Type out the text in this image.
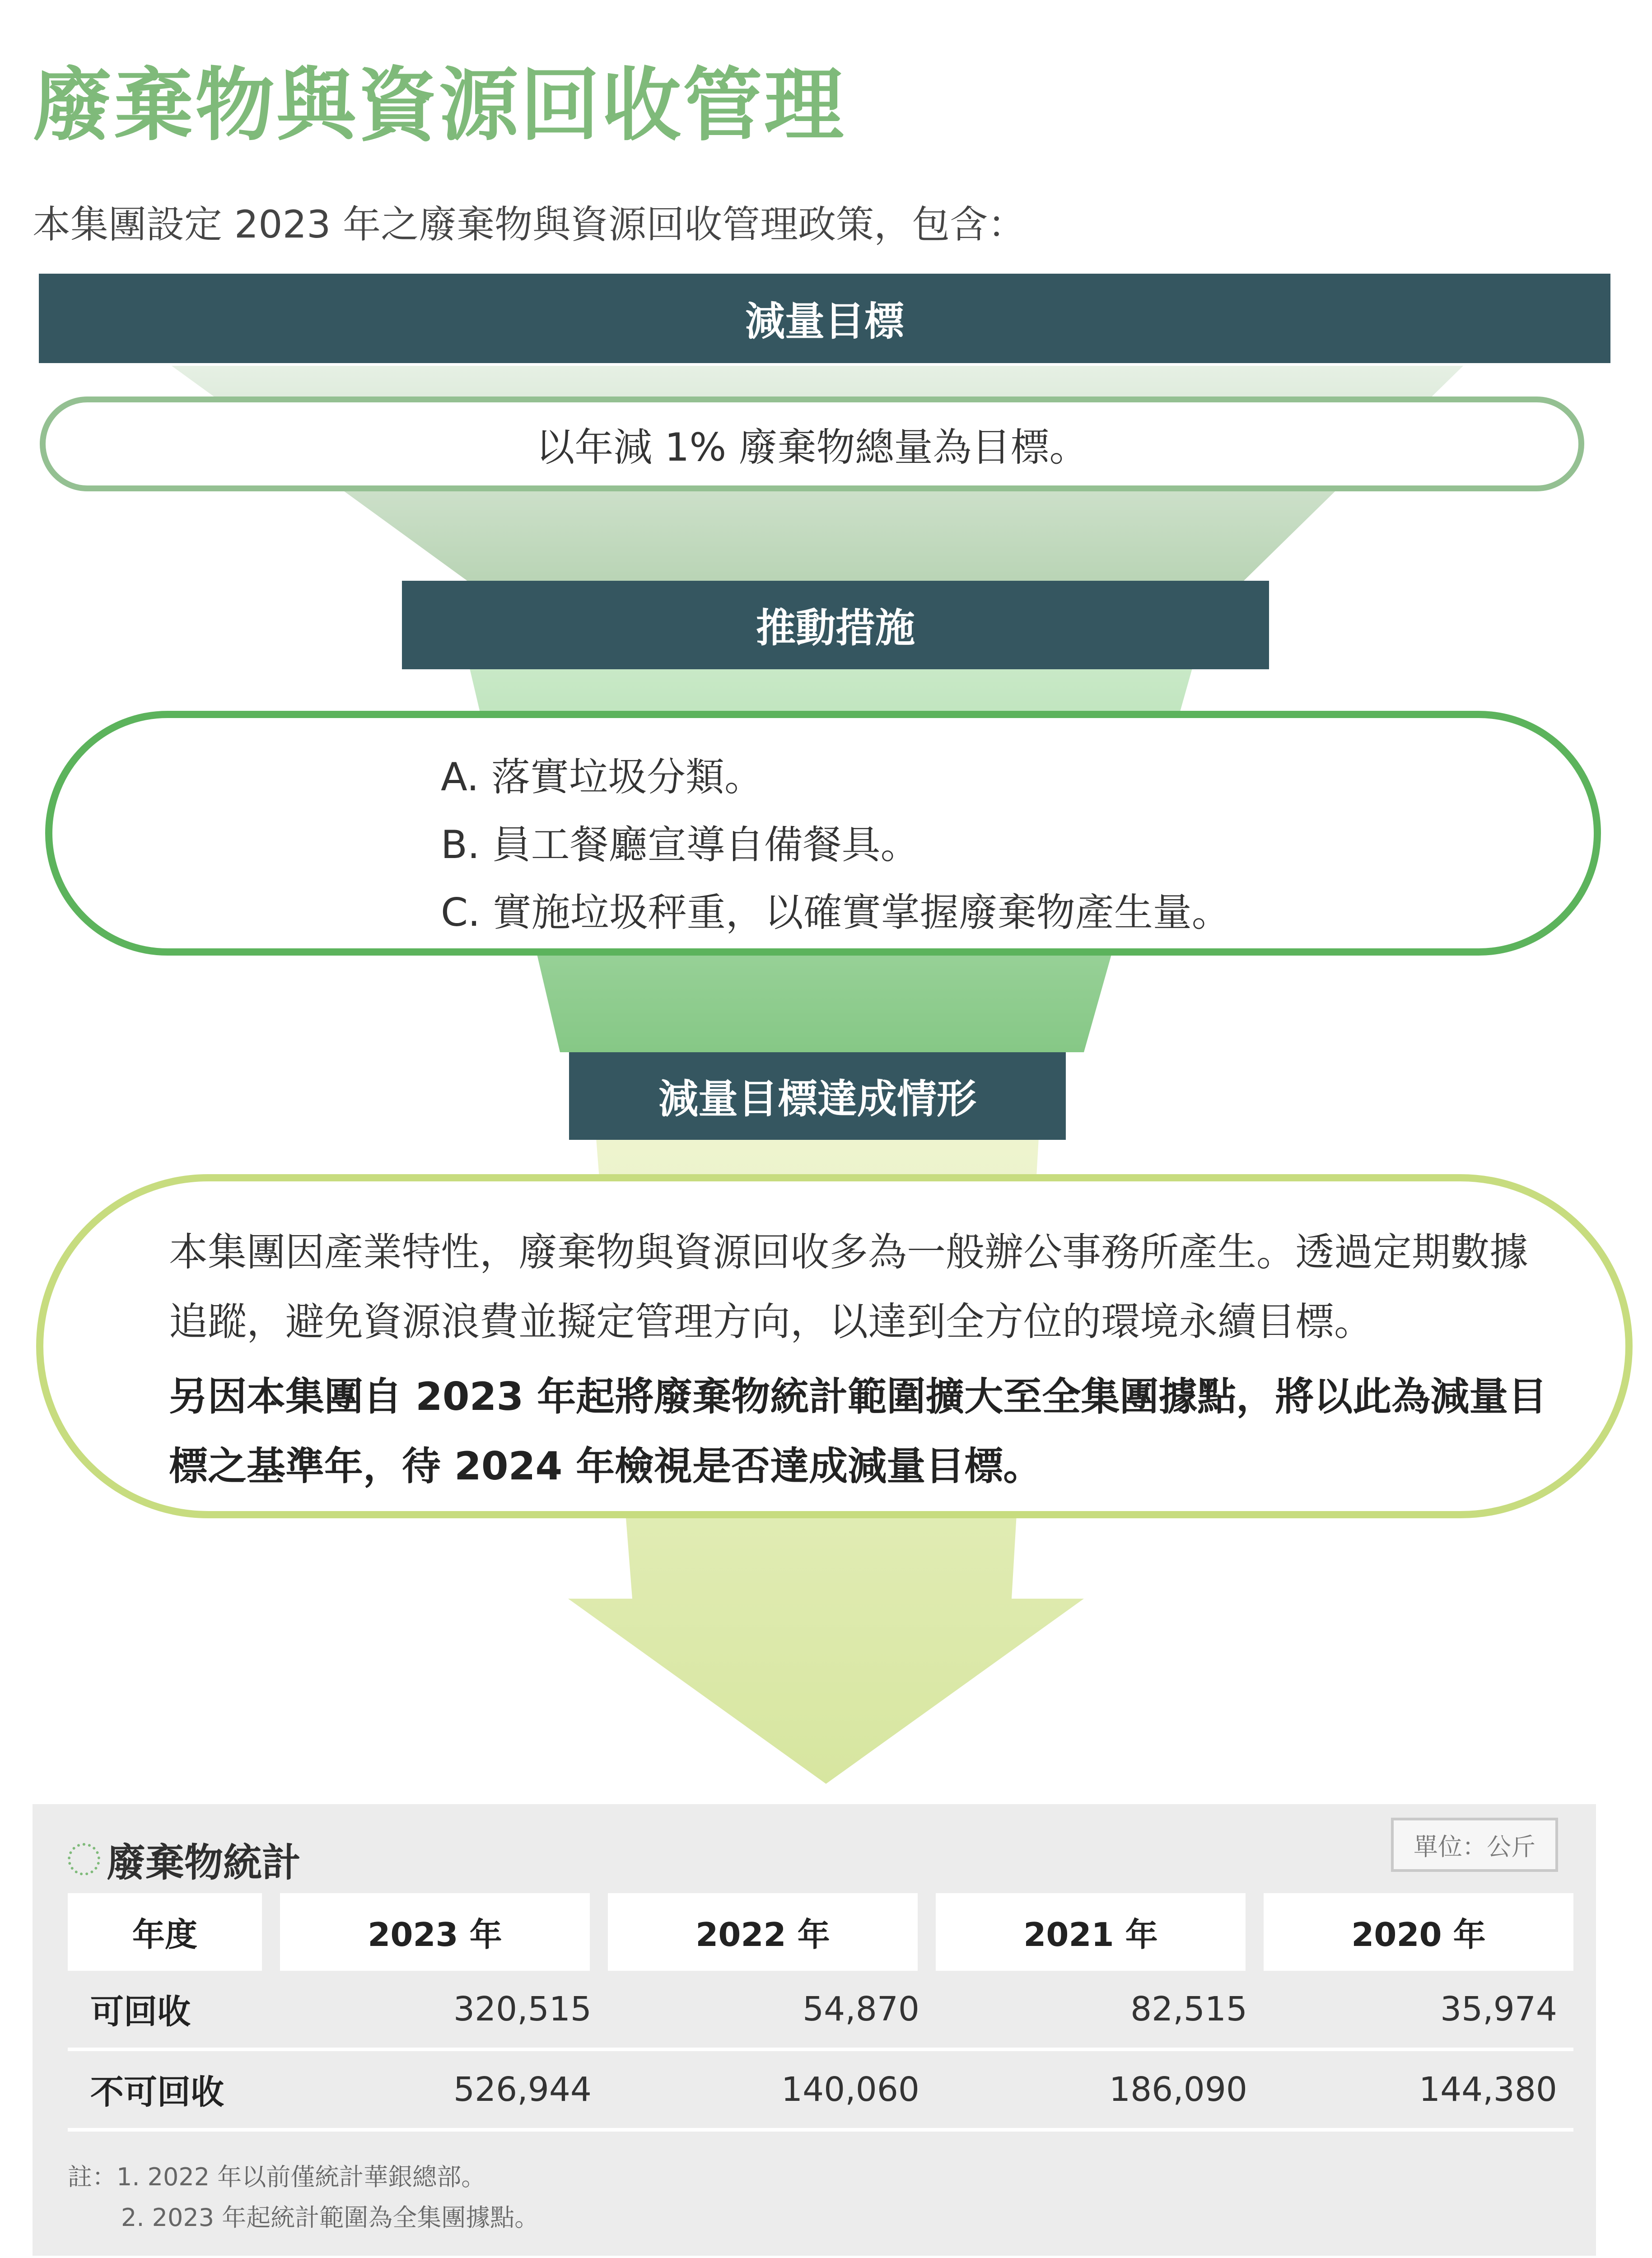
廢棄物與資源回收管理
本集團設定 2023 年之廢棄物與資源回收管理政策，包含：
減量目標
以年減 1% 廢棄物總量為目標。
推動措施
A. 落實垃圾分類。
B. 員工餐廳宣導自備餐具。
C. 實施垃圾秤重，以確實掌握廢棄物產生量。
減量目標達成情形
本集團因產業特性，廢棄物與資源回收多為一般辦公事務所產生。透過定期數據追蹤，避免資源浪費並擬定管理方向，以達到全方位的環境永續目標。
另因本集團自 2023 年起將廢棄物統計範圍擴大至全集團據點，將以此為減量目標之基準年，待 2024 年檢視是否達成減量目標。
單位：公斤
廢棄物統計
年度	2023 年	2022 年	2021 年	2020 年
可回收	320,515	54,870	82,515	35,974
不可回收	526,944	140,060	186,090	144,380
註：1. 2022 年以前僅統計華銀總部。
2. 2023 年起統計範圍為全集團據點。
